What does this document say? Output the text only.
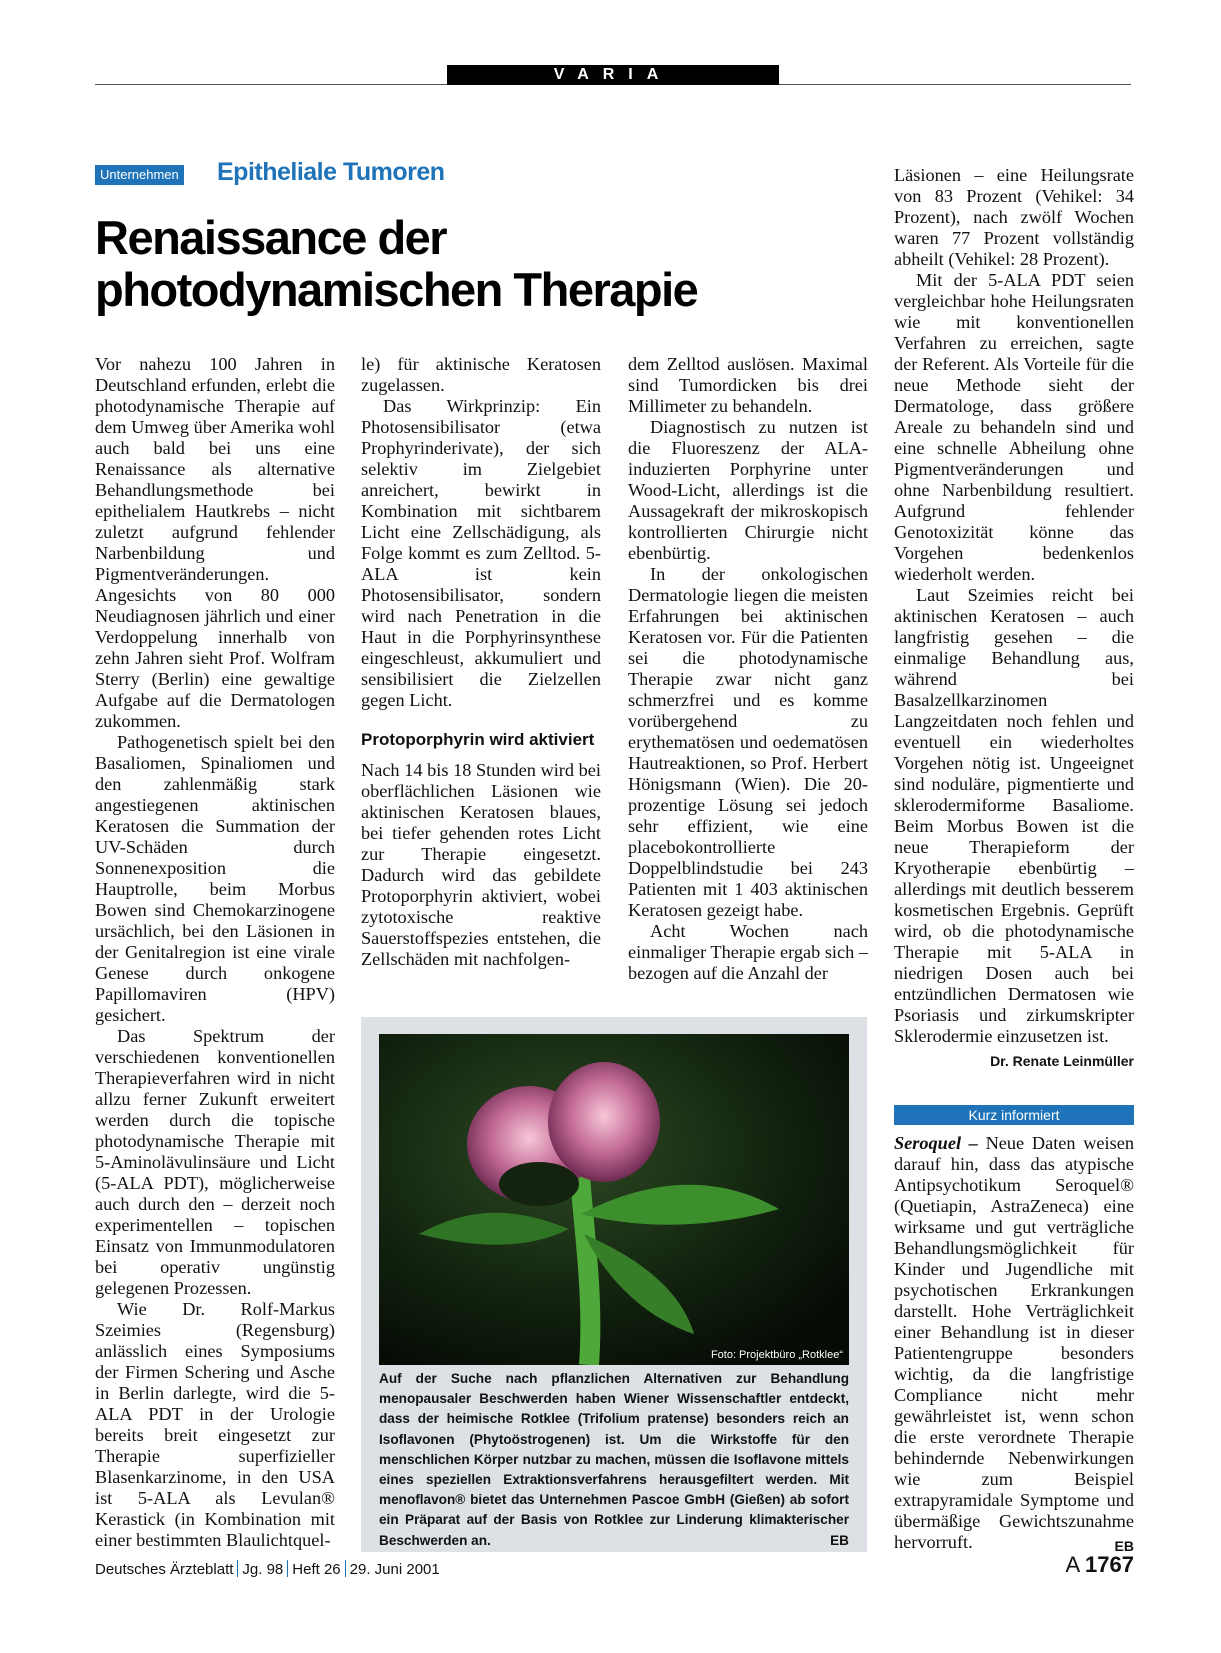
VARIA
Unternehmen Epitheliale Tumoren
Renaissance der
photodynamischen Therapie

Vor nahezu 100 Jahren in Deutschland erfunden, erlebt die photodynamische Therapie auf dem Umweg über Amerika wohl auch bald bei uns eine Renaissance als alternative Behandlungsmethode bei epithelialem Hautkrebs – nicht zuletzt aufgrund fehlender Narbenbildung und Pigmentveränderungen. Angesichts von 80 000 Neudiagnosen jährlich und einer Verdoppelung innerhalb von zehn Jahren sieht Prof. Wolfram Sterry (Berlin) eine gewaltige Aufgabe auf die Dermatologen zukommen.

Pathogenetisch spielt bei den Basaliomen, Spinaliomen und den zahlenmäßig stark angestiegenen aktinischen Keratosen die Summation der UV-Schäden durch Sonnenexposition die Hauptrolle, beim Morbus Bowen sind Chemokarzinogene ursächlich, bei den Läsionen in der Genitalregion ist eine virale Genese durch onkogene Papillomaviren (HPV) gesichert.

Das Spektrum der verschiedenen konventionellen Therapieverfahren wird in nicht allzu ferner Zukunft erweitert werden durch die topische photodynamische Therapie mit 5-Aminolävulinsäure und Licht (5-ALA PDT), möglicherweise auch durch den – derzeit noch experimentellen – topischen Einsatz von Immunmodulatoren bei operativ ungünstig gelegenen Prozessen.

Wie Dr. Rolf-Markus Szeimies (Regensburg) anlässlich eines Symposiums der Firmen Schering und Asche in Berlin darlegte, wird die 5-ALA PDT in der Urologie bereits breit eingesetzt zur Therapie superfizieller Blasenkarzinome, in den USA ist 5-ALA als Levulan® Kerastick (in Kombination mit einer bestimmten Blaulichtquel-

le) für aktinische Keratosen zugelassen.

Das Wirkprinzip: Ein Photosensibilisator (etwa Prophyrinderivate), der sich selektiv im Zielgebiet anreichert, bewirkt in Kombination mit sichtbarem Licht eine Zellschädigung, als Folge kommt es zum Zelltod. 5-ALA ist kein Photosensibilisator, sondern wird nach Penetration in die Haut in die Porphyrinsynthese eingeschleust, akkumuliert und sensibilisiert die Zielzellen gegen Licht.

Protoporphyrin wird aktiviert

Nach 14 bis 18 Stunden wird bei oberflächlichen Läsionen wie aktinischen Keratosen blaues, bei tiefer gehenden rotes Licht zur Therapie eingesetzt. Dadurch wird das gebildete Protoporphyrin aktiviert, wobei zytotoxische reaktive Sauerstoffspezies entstehen, die Zellschäden mit nachfolgen-

dem Zelltod auslösen. Maximal sind Tumordicken bis drei Millimeter zu behandeln.

Diagnostisch zu nutzen ist die Fluoreszenz der ALA-induzierten Porphyrine unter Wood-Licht, allerdings ist die Aussagekraft der mikroskopisch kontrollierten Chirurgie nicht ebenbürtig.

In der onkologischen Dermatologie liegen die meisten Erfahrungen bei aktinischen Keratosen vor. Für die Patienten sei die photodynamische Therapie zwar nicht ganz schmerzfrei und es komme vorübergehend zu erythematösen und oedematösen Hautreaktionen, so Prof. Herbert Hönigsmann (Wien). Die 20-prozentige Lösung sei jedoch sehr effizient, wie eine placebokontrollierte Doppelblindstudie bei 243 Patienten mit 1 403 aktinischen Keratosen gezeigt habe.

Acht Wochen nach einmaliger Therapie ergab sich – bezogen auf die Anzahl der

Läsionen – eine Heilungsrate von 83 Prozent (Vehikel: 34 Prozent), nach zwölf Wochen waren 77 Prozent vollständig abheilt (Vehikel: 28 Prozent).

Mit der 5-ALA PDT seien vergleichbar hohe Heilungsraten wie mit konventionellen Verfahren zu erreichen, sagte der Referent. Als Vorteile für die neue Methode sieht der Dermatologe, dass größere Areale zu behandeln sind und eine schnelle Abheilung ohne Pigmentveränderungen und ohne Narbenbildung resultiert. Aufgrund fehlender Genotoxizität könne das Vorgehen bedenkenlos wiederholt werden.

Laut Szeimies reicht bei aktinischen Keratosen – auch langfristig gesehen – die einmalige Behandlung aus, während bei Basalzellkarzinomen Langzeitdaten noch fehlen und eventuell ein wiederholtes Vorgehen nötig ist. Ungeeignet sind noduläre, pigmentierte und sklerodermiforme Basaliome. Beim Morbus Bowen ist die neue Therapieform der Kryotherapie ebenbürtig – allerdings mit deutlich besserem kosmetischen Ergebnis. Geprüft wird, ob die photodynamische Therapie mit 5-ALA in niedrigen Dosen auch bei entzündlichen Dermatosen wie Psoriasis und zirkumskripter Sklerodermie einzusetzen ist.
Dr. Renate Leinmüller

Foto: Projektbüro „Rotklee“
Auf der Suche nach pflanzlichen Alternativen zur Behandlung menopausaler Beschwerden haben Wiener Wissenschaftler entdeckt, dass der heimische Rotklee (Trifolium pratense) besonders reich an Isoflavonen (Phytoöstrogenen) ist. Um die Wirkstoffe für den menschlichen Körper nutzbar zu machen, müssen die Isoflavone mittels eines speziellen Extraktionsverfahrens herausgefiltert werden. Mit menoflavon® bietet das Unternehmen Pascoe GmbH (Gießen) ab sofort ein Präparat auf der Basis von Rotklee zur Linderung klimakterischer Beschwerden an.	EB
Kurz informiert

Seroquel – Neue Daten weisen darauf hin, dass das atypische Antipsychotikum Seroquel® (Quetiapin, AstraZeneca) eine wirksame und gut verträgliche Behandlungsmöglichkeit für Kinder und Jugendliche mit psychotischen Erkrankungen darstellt. Hohe Verträglichkeit einer Behandlung ist in dieser Patientengruppe besonders wichtig, da die langfristige Compliance nicht mehr gewährleistet ist, wenn schon die erste verordnete Therapie behindernde Nebenwirkungen wie zum Beispiel extrapyramidale Symptome und übermäßige Gewichtszunahme hervorruft.	EB

Deutsches Ärzteblatt Jg. 98 Heft 26 29. Juni 2001	A 1767
